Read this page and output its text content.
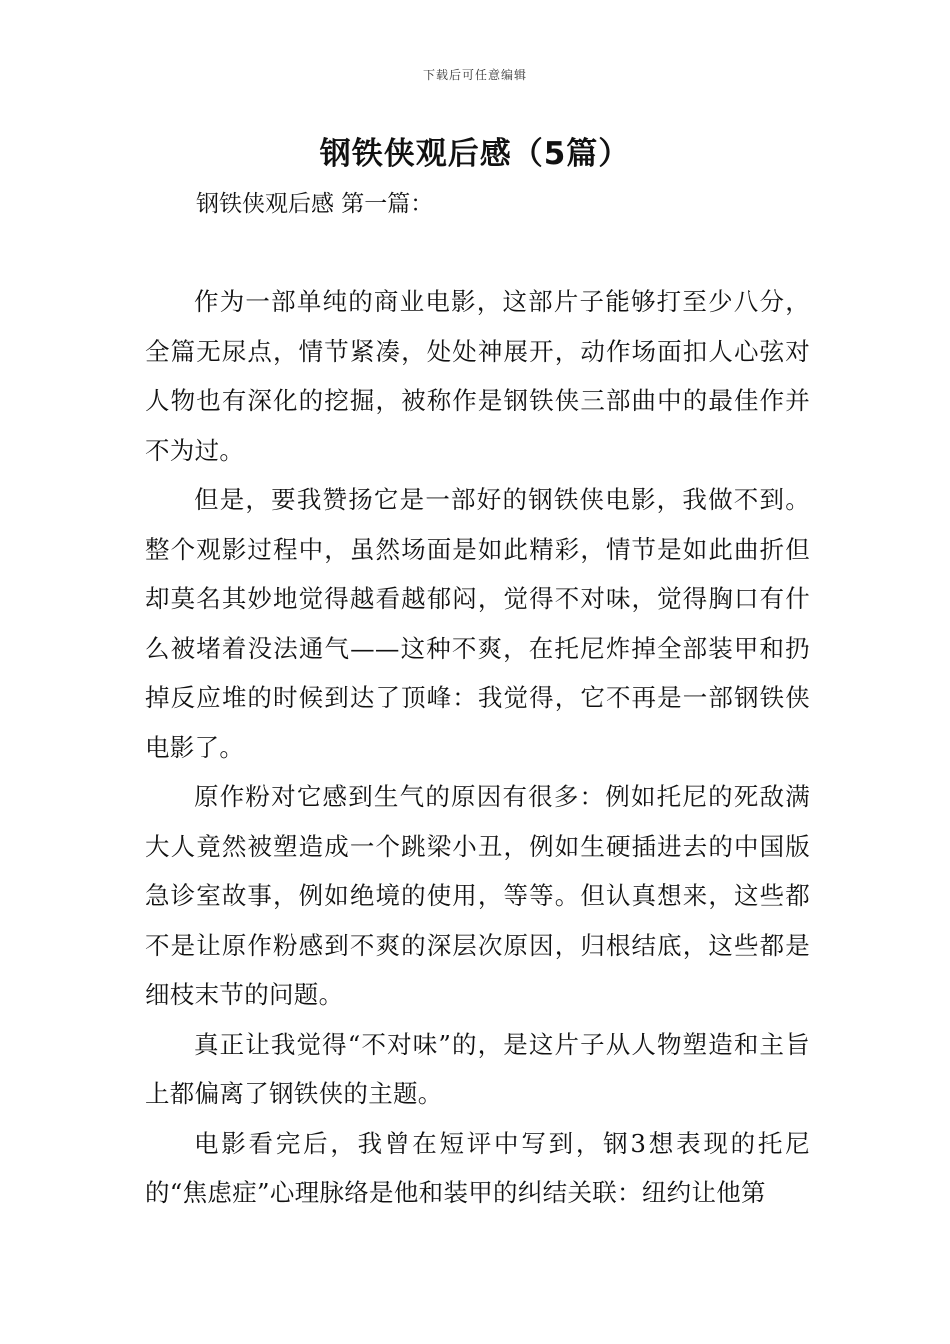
下载后可任意编辑
钢铁侠观后感（5篇）
钢铁侠观后感 第一篇：

作为一部单纯的商业电影，这部片子能够打至少八分，全篇无尿点，情节紧凑，处处神展开，动作场面扣人心弦对人物也有深化的挖掘，被称作是钢铁侠三部曲中的最佳作并不为过。

但是，要我赞扬它是一部好的钢铁侠电影，我做不到。整个观影过程中，虽然场面是如此精彩，情节是如此曲折但却莫名其妙地觉得越看越郁闷，觉得不对味，觉得胸口有什么被堵着没法通气——这种不爽，在托尼炸掉全部装甲和扔掉反应堆的时候到达了顶峰：我觉得，它不再是一部钢铁侠电影了。

原作粉对它感到生气的原因有很多：例如托尼的死敌满大人竟然被塑造成一个跳梁小丑，例如生硬插进去的中国版急诊室故事，例如绝境的使用，等等。但认真想来，这些都不是让原作粉感到不爽的深层次原因，归根结底，这些都是细枝末节的问题。

真正让我觉得“不对味”的，是这片子从人物塑造和主旨上都偏离了钢铁侠的主题。

电影看完后，我曾在短评中写到，钢3想表现的托尼的“焦虑症”心理脉络是他和装甲的纠结关联：纽约让他第
